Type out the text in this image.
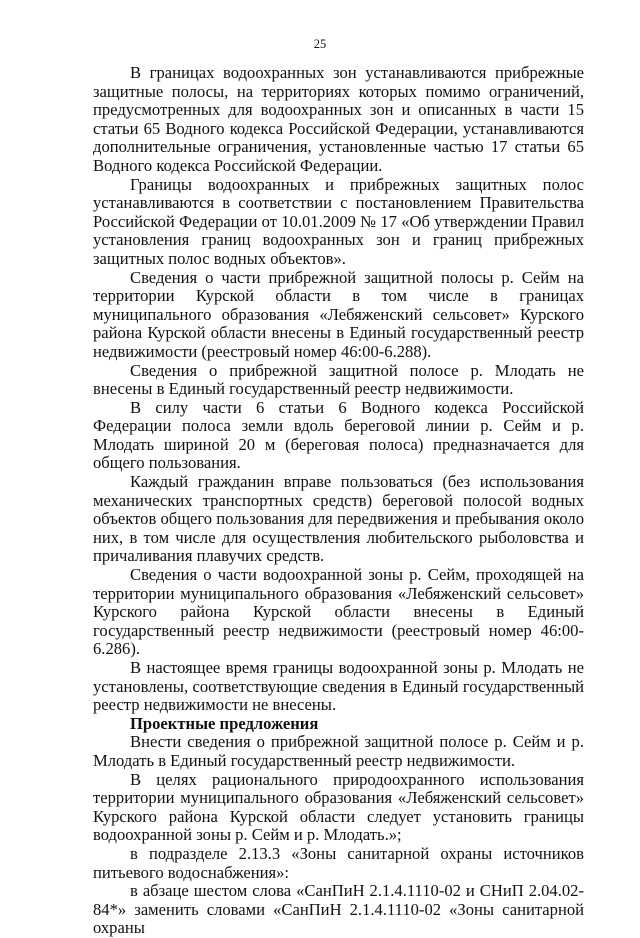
25

В границах водоохранных зон устанавливаются прибрежные защитные полосы, на территориях которых помимо ограничений, предусмотренных для водоохранных зон и описанных в части 15 статьи 65 Водного кодекса Российской Федерации, устанавливаются дополнительные ограничения, установленные частью 17 статьи 65 Водного кодекса Российской Федерации.

Границы водоохранных и прибрежных защитных полос устанавливаются в соответствии с постановлением Правительства Российской Федерации от 10.01.2009 № 17 «Об утверждении Правил установления границ водоохранных зон и границ прибрежных защитных полос водных объектов».

Сведения о части прибрежной защитной полосы р. Сейм на территории Курской области в том числе в границах муниципального образования «Лебяженский сельсовет» Курского района Курской области внесены в Единый государственный реестр недвижимости (реестровый номер 46:00-6.288).

Сведения о прибрежной защитной полосе р. Млодать не внесены в Единый государственный реестр недвижимости.

В силу части 6 статьи 6 Водного кодекса Российской Федерации полоса земли вдоль береговой линии р. Сейм и р. Млодать шириной 20 м (береговая полоса) предназначается для общего пользования.

Каждый гражданин вправе пользоваться (без использования механических транспортных средств) береговой полосой водных объектов общего пользования для передвижения и пребывания около них, в том числе для осуществления любительского рыболовства и причаливания плавучих средств.

Сведения о части водоохранной зоны р. Сейм, проходящей на территории муниципального образования «Лебяженский сельсовет» Курского района Курской области внесены в Единый государственный реестр недвижимости (реестровый номер 46:00-6.286).

В настоящее время границы водоохранной зоны р. Млодать не установлены, соответствующие сведения в Единый государственный реестр недвижимости не внесены.

Проектные предложения

Внести сведения о прибрежной защитной полосе р. Сейм и р. Млодать в Единый государственный реестр недвижимости.

В целях рационального природоохранного использования территории муниципального образования «Лебяженский сельсовет» Курского района Курской области следует установить границы водоохранной зоны р. Сейм и р. Млодать.»;

в подразделе 2.13.3 «Зоны санитарной охраны источников питьевого водоснабжения»:

в абзаце шестом слова «СанПиН 2.1.4.1110-02 и СНиП 2.04.02-84*» заменить словами «СанПиН 2.1.4.1110-02 «Зоны санитарной охраны
